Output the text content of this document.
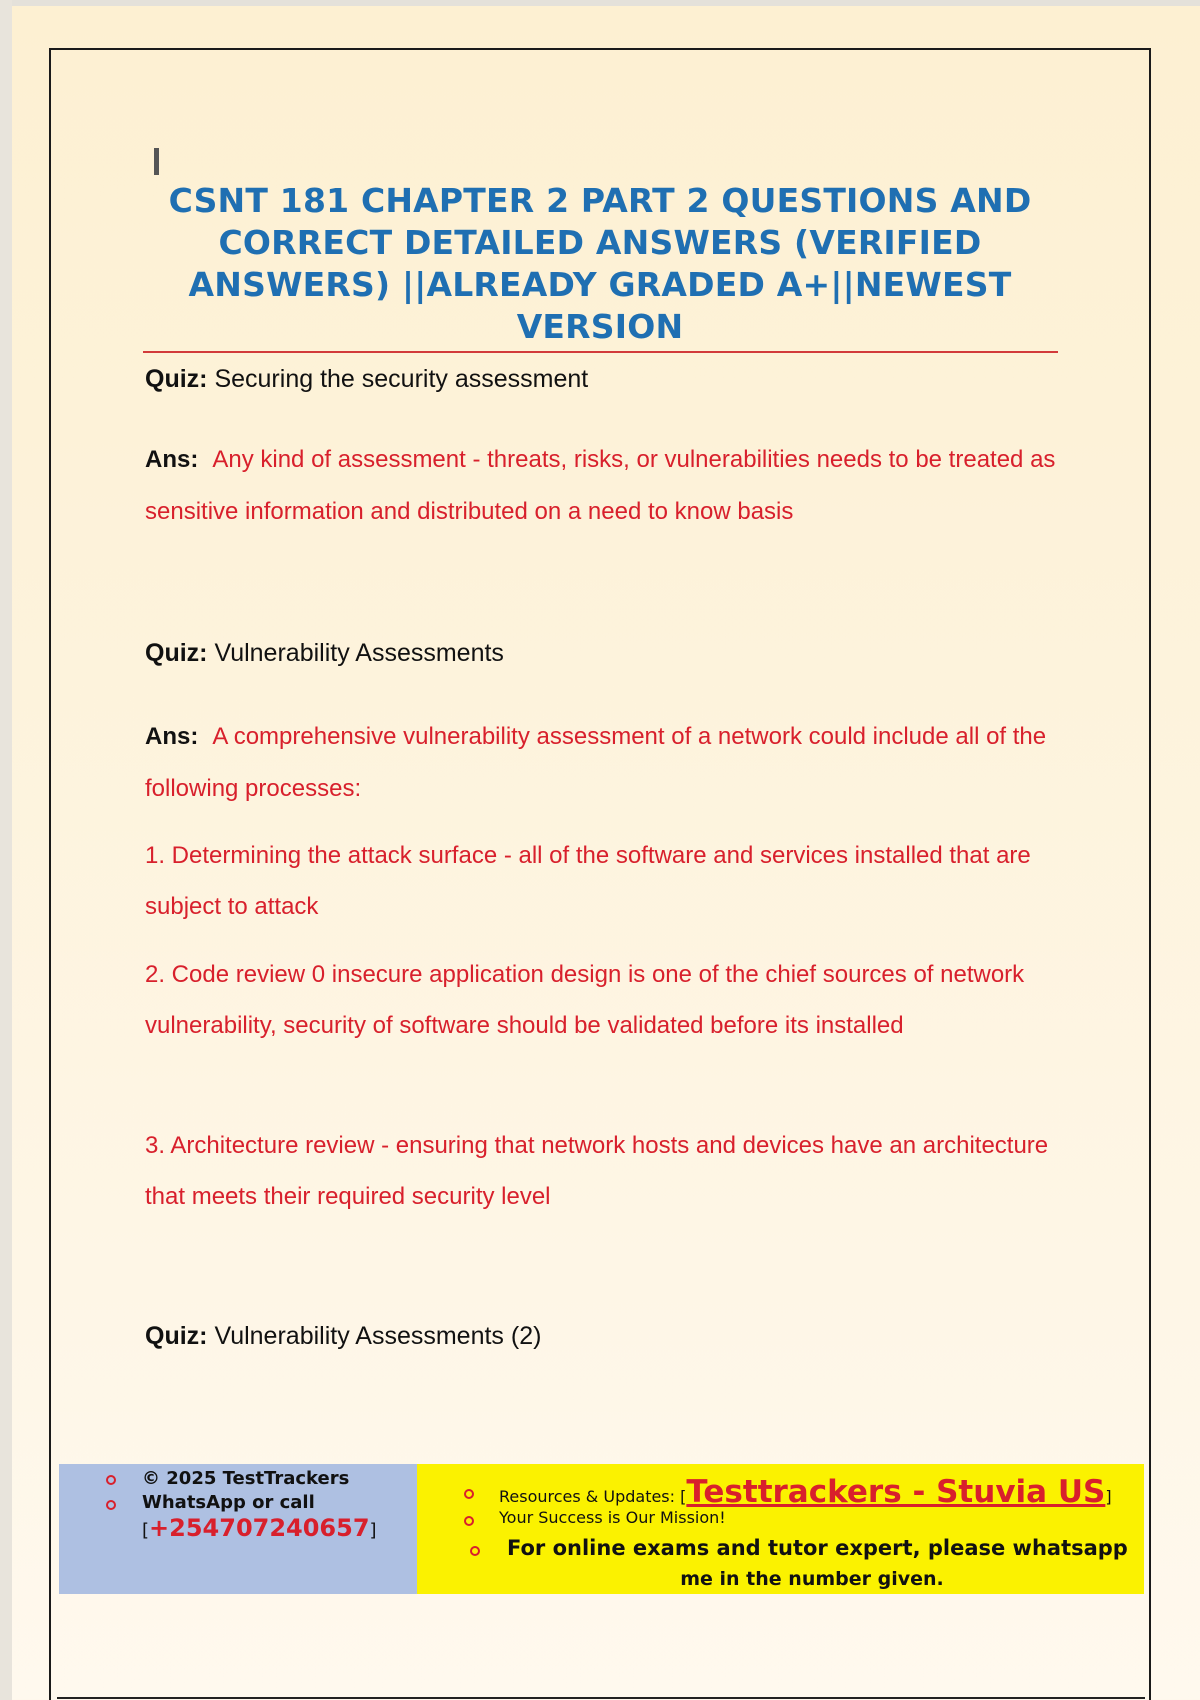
CSNT 181 CHAPTER 2 PART 2 QUESTIONS AND CORRECT DETAILED ANSWERS (VERIFIED ANSWERS) ||ALREADY GRADED A+||NEWEST VERSION
Quiz: Securing the security assessment
Ans: Any kind of assessment - threats, risks, or vulnerabilities needs to be treated as sensitive information and distributed on a need to know basis
Quiz: Vulnerability Assessments
Ans: A comprehensive vulnerability assessment of a network could include all of the following processes:
1. Determining the attack surface - all of the software and services installed that are subject to attack
2. Code review 0 insecure application design is one of the chief sources of network vulnerability, security of software should be validated before its installed
3. Architecture review - ensuring that network hosts and devices have an architecture that meets their required security level
Quiz: Vulnerability Assessments (2)
© 2025 TestTrackers
WhatsApp or call
[+254707240657]
Resources & Updates: [Testtrackers - Stuvia US]
Your Success is Our Mission!
For online exams and tutor expert, please whatsapp
me in the number given.
